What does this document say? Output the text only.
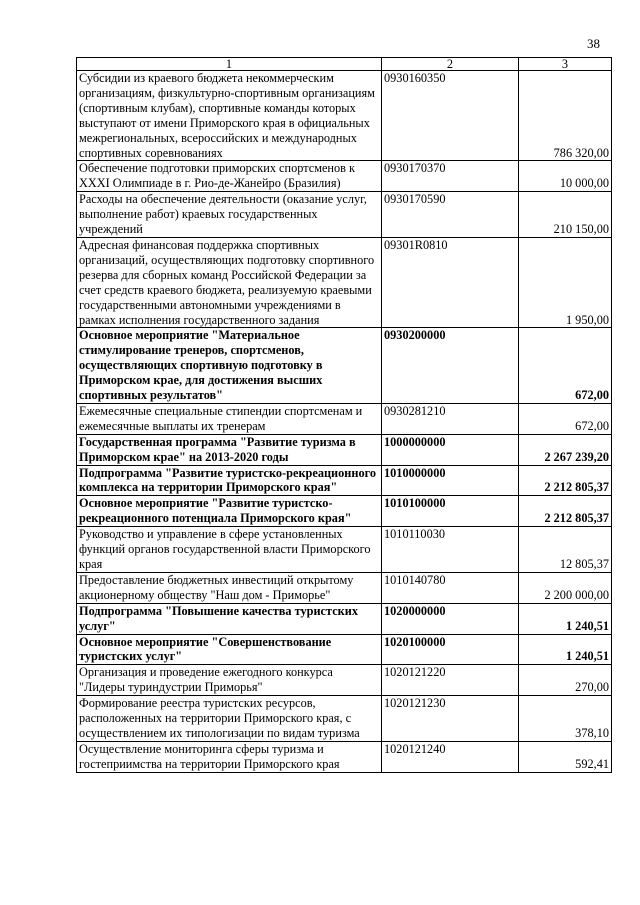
38
1	2	3
Субсидии из краевого бюджета некоммерческим организациям, физкультурно-спортивным организациям (спортивным клубам), спортивные команды которых выступают от имени Приморского края в официальных межрегиональных, всероссийских и международных спортивных соревнованиях	0930160350	786 320,00
Обеспечение подготовки приморских спортсменов к XXXI Олимпиаде в г. Рио-де-Жанейро (Бразилия)	0930170370	10 000,00
Расходы на обеспечение деятельности (оказание услуг, выполнение работ) краевых государственных учреждений	0930170590	210 150,00
Адресная финансовая поддержка спортивных организаций, осуществляющих подготовку спортивного резерва для сборных команд Российской Федерации за счет средств краевого бюджета, реализуемую краевыми государственными автономными учреждениями в рамках исполнения государственного задания	09301R0810	1 950,00
Основное мероприятие "Материальное стимулирование тренеров, спортсменов, осуществляющих спортивную подготовку в Приморском крае, для достижения высших спортивных результатов"	0930200000	672,00
Ежемесячные специальные стипендии спортсменам и ежемесячные выплаты их тренерам	0930281210	672,00
Государственная программа "Развитие туризма в Приморском крае" на 2013-2020 годы	1000000000	2 267 239,20
Подпрограмма "Развитие туристско-рекреационного комплекса на территории Приморского края"	1010000000	2 212 805,37
Основное мероприятие "Развитие туристско-рекреационного потенциала Приморского края"	1010100000	2 212 805,37
Руководство и управление в сфере установленных функций органов государственной власти Приморского края	1010110030	12 805,37
Предоставление бюджетных инвестиций открытому акционерному обществу "Наш дом - Приморье"	1010140780	2 200 000,00
Подпрограмма "Повышение качества туристских услуг"	1020000000	1 240,51
Основное мероприятие "Совершенствование туристских услуг"	1020100000	1 240,51
Организация и проведение ежегодного конкурса "Лидеры туриндустрии Приморья"	1020121220	270,00
Формирование реестра туристских ресурсов, расположенных на территории Приморского края, с осуществлением их типологизации по видам туризма	1020121230	378,10
Осуществление мониторинга сферы туризма и гостеприимства на территории Приморского края	1020121240	592,41
